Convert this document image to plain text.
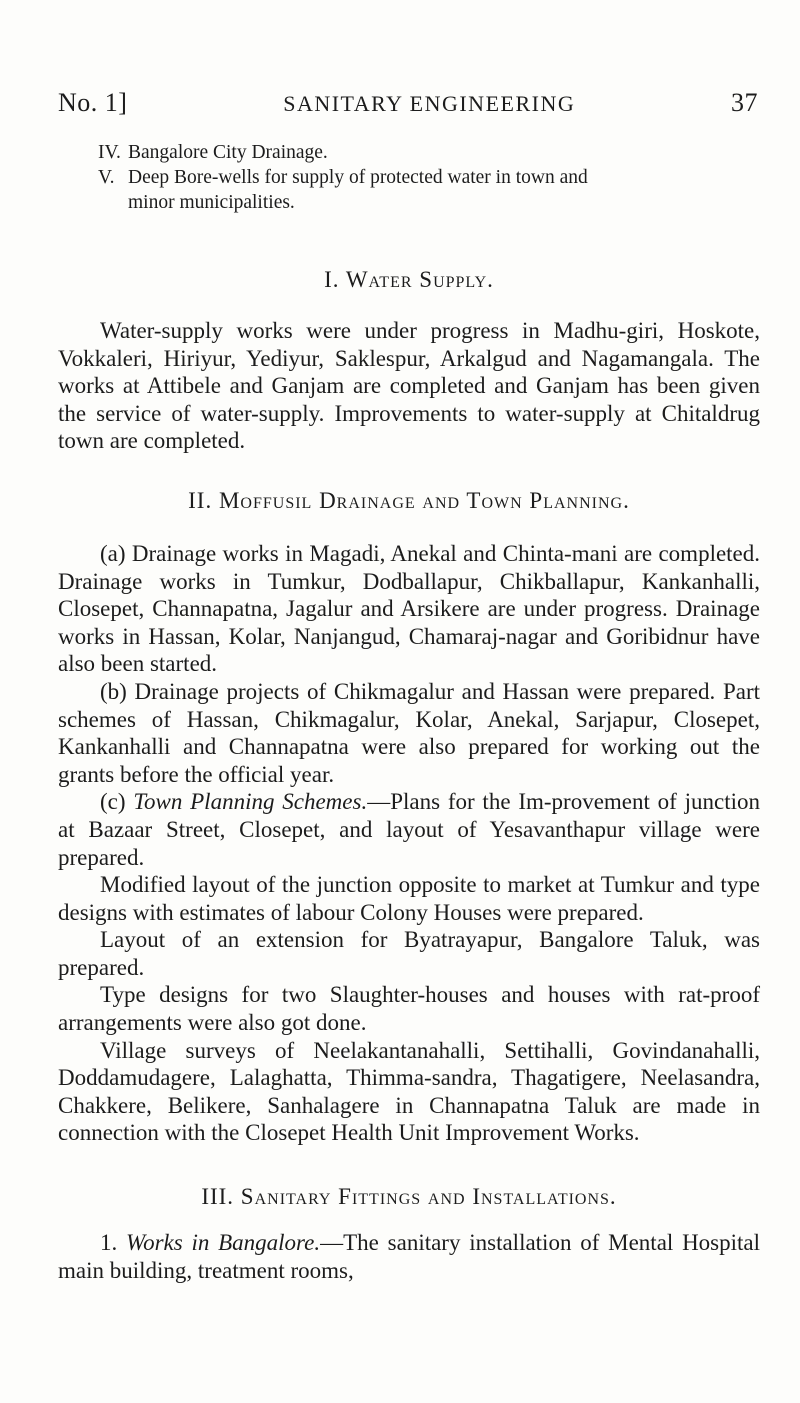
No. 1]	SANITARY ENGINEERING	37
IV. Bangalore City Drainage.
V. Deep Bore-wells for supply of protected water in town and
minor municipalities.
I. Water Supply.

Water-supply works were under progress in Madhu-giri, Hoskote, Vokkaleri, Hiriyur, Yediyur, Saklespur, Arkalgud and Nagamangala. The works at Attibele and Ganjam are completed and Ganjam has been given the service of water-supply. Improvements to water-supply at Chitaldrug town are completed.

II. Moffusil Drainage and Town Planning.

(a) Drainage works in Magadi, Anekal and Chinta-mani are completed. Drainage works in Tumkur, Dodballapur, Chikballapur, Kankanhalli, Closepet, Channapatna, Jagalur and Arsikere are under progress. Drainage works in Hassan, Kolar, Nanjangud, Chamaraj-nagar and Goribidnur have also been started.

(b) Drainage projects of Chikmagalur and Hassan were prepared. Part schemes of Hassan, Chikmagalur, Kolar, Anekal, Sarjapur, Closepet, Kankanhalli and Channapatna were also prepared for working out the grants before the official year.

(c) Town Planning Schemes.—Plans for the Im-provement of junction at Bazaar Street, Closepet, and layout of Yesavanthapur village were prepared.

Modified layout of the junction opposite to market at Tumkur and type designs with estimates of labour Colony Houses were prepared.

Layout of an extension for Byatrayapur, Bangalore Taluk, was prepared.

Type designs for two Slaughter-houses and houses with rat-proof arrangements were also got done.

Village surveys of Neelakantanahalli, Settihalli, Govindanahalli, Doddamudagere, Lalaghatta, Thimma-sandra, Thagatigere, Neelasandra, Chakkere, Belikere, Sanhalagere in Channapatna Taluk are made in connection with the Closepet Health Unit Improvement Works.

III. Sanitary Fittings and Installations.

1. Works in Bangalore.—The sanitary installation of Mental Hospital main building, treatment rooms,
